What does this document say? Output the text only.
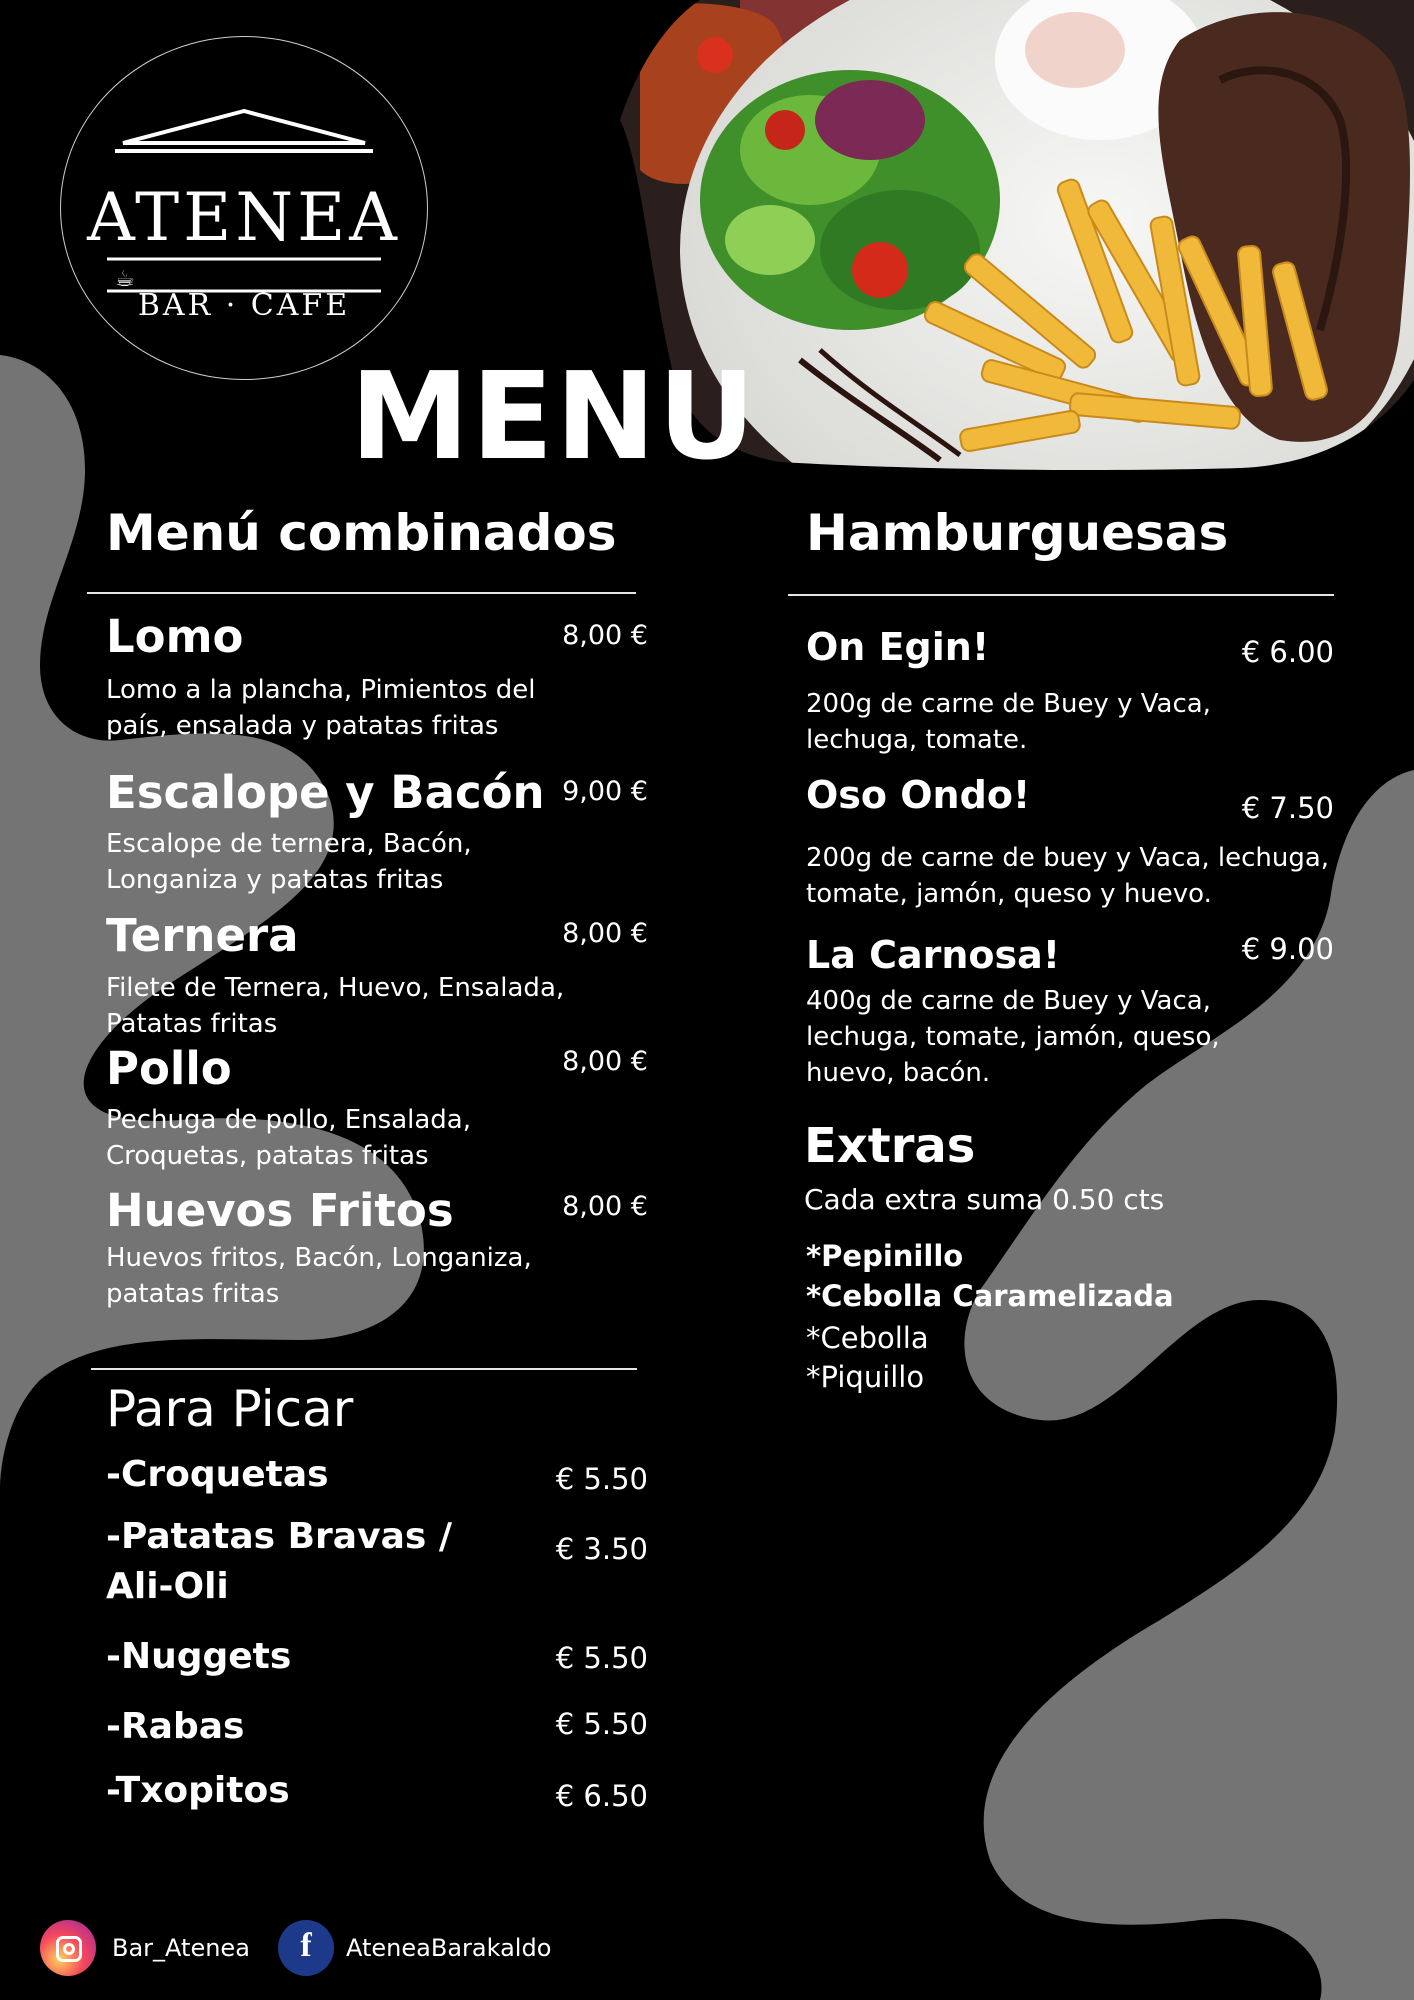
☕
ATENEA
BAR · CAFE
MENU
Menú combinados
Lomo	8,00 €
Lomo a la plancha, Pimientos del país, ensalada y patatas fritas
Escalope y Bacón 9,00 €
Escalope de ternera, Bacón, Longaniza y patatas fritas
Ternera	8,00 €
Filete de Ternera, Huevo, Ensalada, Patatas fritas
Pollo	8,00 €
Pechuga de pollo, Ensalada, Croquetas, patatas fritas
Huevos Fritos	8,00 €
Huevos fritos, Bacón, Longaniza, patatas fritas
Para Picar
-Croquetas	€ 5.50
-Patatas Bravas / Ali-Oli
€ 3.50
-Nuggets	€ 5.50
-Rabas	€ 5.50
-Txopitos	€ 6.50
Hamburguesas
On Egin!	€ 6.00
200g de carne de Buey y Vaca, lechuga, tomate.
Oso Ondo!	€ 7.50
200g de carne de buey y Vaca, lechuga, tomate, jamón, queso y huevo.
La Carnosa!	€ 9.00
400g de carne de Buey y Vaca, lechuga, tomate, jamón, queso, huevo, bacón.
Extras
Cada extra suma 0.50 cts
*Pepinillo
*Cebolla Caramelizada
*Cebolla
*Piquillo
Bar_Atenea	f	AteneaBarakaldo
